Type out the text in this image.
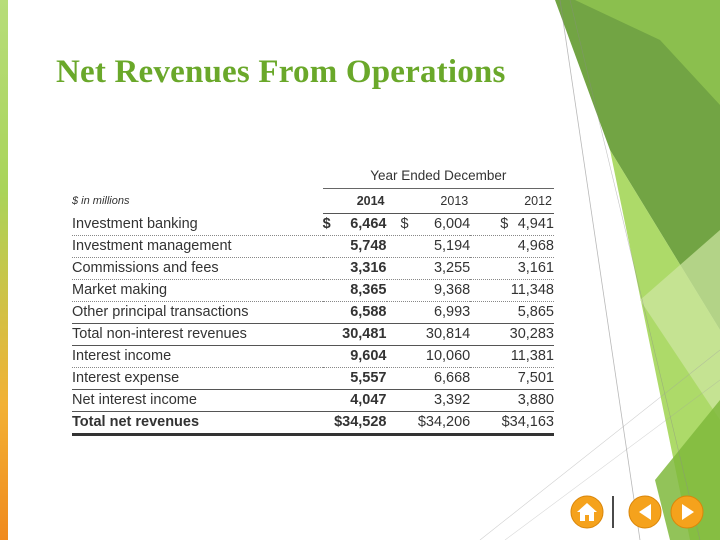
Net Revenues From Operations
	Year Ended December		
$ in millions	2014	2013	2012
Investment banking	$ 6,464	$ 6,004	$ 4,941
Investment management	5,748	5,194	4,968
Commissions and fees	3,316	3,255	3,161
Market making	8,365	9,368	11,348
Other principal transactions	6,588	6,993	5,865
Total non-interest revenues	30,481	30,814	30,283
Interest income	9,604	10,060	11,381
Interest expense	5,557	6,668	7,501
Net interest income	4,047	3,392	3,880
Total net revenues	$34,528	$34,206	$34,163
